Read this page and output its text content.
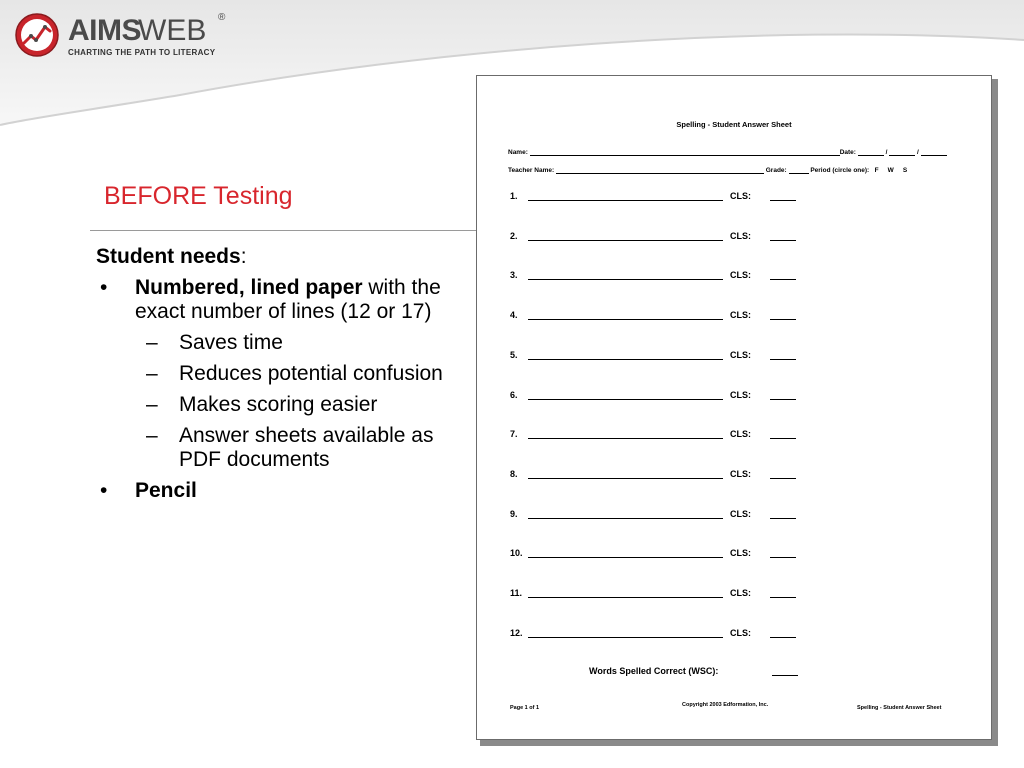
AIMS
WEB ®
CHARTING THE PATH TO LITERACY
BEFORE Testing
Student needs:
• Numbered, lined paper with the exact number of lines (12 or 17)
– Saves time
– Reduces potential confusion
– Makes scoring easier
– Answer sheets available as PDF documents
• Pencil
Spelling - Student Answer Sheet
Name:	Date:	/	/
Teacher Name:	Grade:	Period (circle one): F W S
1.	CLS:
2.	CLS:
3.	CLS:
4.	CLS:
5.	CLS:
6.	CLS:
7.	CLS:
8.	CLS:
9.	CLS:
10.	CLS:
11.	CLS:
12.	CLS:
Words Spelled Correct (WSC):
Page 1 of 1	Copyright 2003 Edformation, Inc.	Spelling - Student Answer Sheet
